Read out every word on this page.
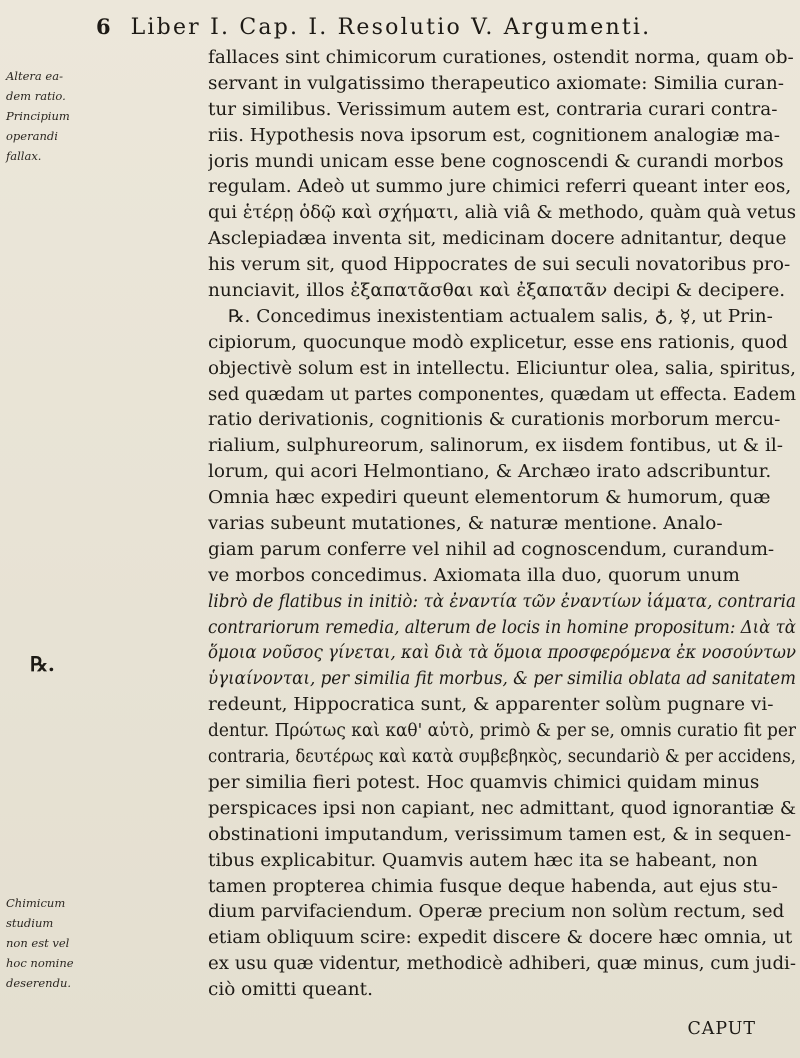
6 Liber I. Cap. I. Resolutio V. Argumenti.
Altera ea-
dem ratio.
Principium
operandi
fallax.
Chimicum
studium
non est vel
hoc nomine
deserendu.
℞.
fallaces sint chimicorum curationes, ostendit norma, quam ob-
servant in vulgatissimo therapeutico axiomate: Similia curan-
tur similibus. Verissimum autem est, contraria curari contra-
riis. Hypothesis nova ipsorum est, cognitionem analogiæ ma-
joris mundi unicam esse bene cognoscendi & curandi morbos
regulam. Adeò ut summo jure chimici referri queant inter eos,
qui ἑτέρῃ ὁδῷ καὶ σχήματι, alià viâ & methodo, quàm quà vetus
Asclepiadæa inventa sit, medicinam docere adnitantur, deque
his verum sit, quod Hippocrates de sui seculi novatoribus pro-
nunciavit, illos ἐξαπατᾶσθαι καὶ ἐξαπατᾶν decipi & decipere.
℞. Concedimus inexistentiam actualem salis, ♁, ☿, ut Prin-
cipiorum, quocunque modò explicetur, esse ens rationis, quod
objectivè solum est in intellectu. Eliciuntur olea, salia, spiritus,
sed quædam ut partes componentes, quædam ut effecta. Eadem
ratio derivationis, cognitionis & curationis morborum mercu-
rialium, sulphureorum, salinorum, ex iisdem fontibus, ut & il-
lorum, qui acori Helmontiano, & Archæo irato adscribuntur.
Omnia hæc expediri queunt elementorum & humorum, quæ
varias subeunt mutationes, & naturæ mentione. Analo-
giam parum conferre vel nihil ad cognoscendum, curandum-
ve morbos concedimus. Axiomata illa duo, quorum unum
librò de flatibus in initiò: τὰ ἐναντία τῶν ἐναντίων ἰάματα, contraria
contrariorum remedia, alterum de locis in homine propositum: Διὰ τὰ
ὅμοια νοῦσος γίνεται, καὶ διὰ τὰ ὅμοια προσφερόμενα ἐκ νοσούντων
ὑγιαίνονται, per similia fit morbus, & per similia oblata ad sanitatem
redeunt, Hippocratica sunt, & apparenter solùm pugnare vi-
dentur. Πρώτως καὶ καθ' αὑτὸ, primò & per se, omnis curatio fit per
contraria, δευτέρως καὶ κατὰ συμβεβηκὸς, secundariò & per accidens,
per similia fieri potest. Hoc quamvis chimici quidam minus
perspicaces ipsi non capiant, nec admittant, quod ignorantiæ &
obstinationi imputandum, verissimum tamen est, & in sequen-
tibus explicabitur. Quamvis autem hæc ita se habeant, non
tamen propterea chimia fusque deque habenda, aut ejus stu-
dium parvifaciendum. Operæ precium non solùm rectum, sed
etiam obliquum scire: expedit discere & docere hæc omnia, ut
ex usu quæ videntur, methodicè adhiberi, quæ minus, cum judi-
ciò omitti queant.
CAPUT
